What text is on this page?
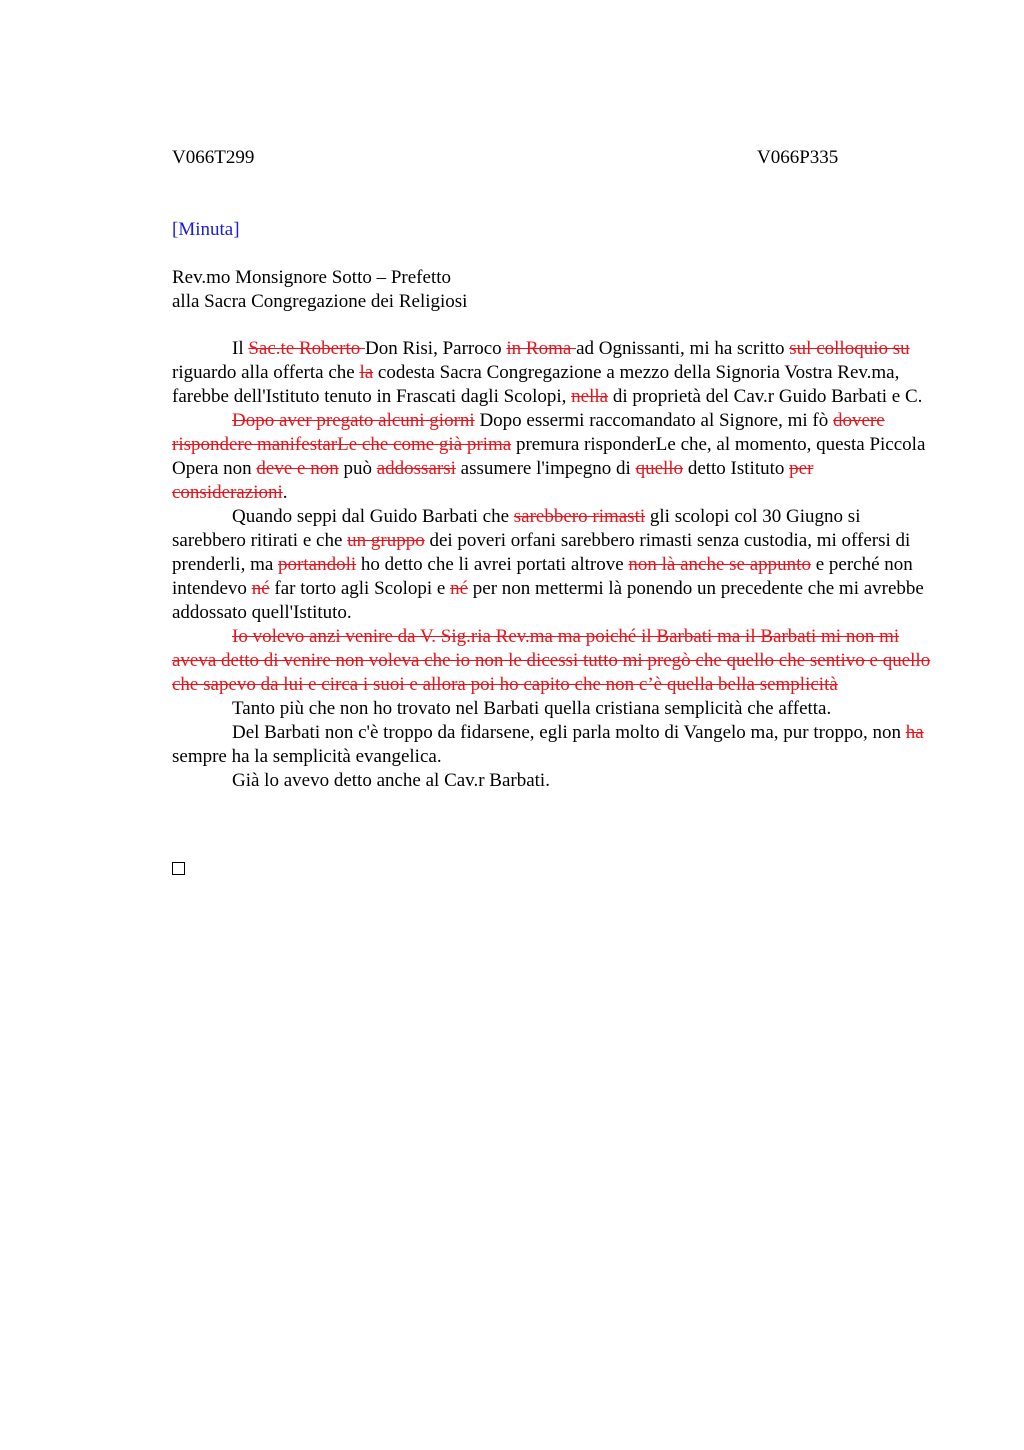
V066T299	V066P335
[Minuta]
Rev.mo Monsignore Sotto – Prefetto
alla Sacra Congregazione dei Religiosi

Il Sac.te Roberto Don Risi, Parroco in Roma ad Ognissanti, mi ha scritto sul colloquio su riguardo alla offerta che la codesta Sacra Congregazione a mezzo della Signoria Vostra Rev.ma, farebbe dell'Istituto tenuto in Frascati dagli Scolopi, nella di proprietà del Cav.r Guido Barbati e C.

Dopo aver pregato alcuni giorni Dopo essermi raccomandato al Signore, mi fò dovere rispondere manifestarLe che come già prima premura risponderLe che, al momento, questa Piccola Opera non deve e non può addossarsi assumere l'impegno di quello detto Istituto per considerazioni.

Quando seppi dal Guido Barbati che sarebbero rimasti gli scolopi col 30 Giugno si sarebbero ritirati e che un gruppo dei poveri orfani sarebbero rimasti senza custodia, mi offersi di prenderli, ma portandoli ho detto che li avrei portati altrove non là anche se appunto e perché non intendevo né far torto agli Scolopi e né per non mettermi là ponendo un precedente che mi avrebbe addossato quell'Istituto.

Io volevo anzi venire da V. Sig.ria Rev.ma ma poiché il Barbati ma il Barbati mi non mi aveva detto di venire non voleva che io non le dicessi tutto mi pregò che quello che sentivo e quello che sapevo da lui e circa i suoi e allora poi ho capito che non c’è quella bella semplicità

Tanto più che non ho trovato nel Barbati quella cristiana semplicità che affetta.

Del Barbati non c'è troppo da fidarsene, egli parla molto di Vangelo ma, pur troppo, non ha sempre ha la semplicità evangelica.

Già lo avevo detto anche al Cav.r Barbati.
